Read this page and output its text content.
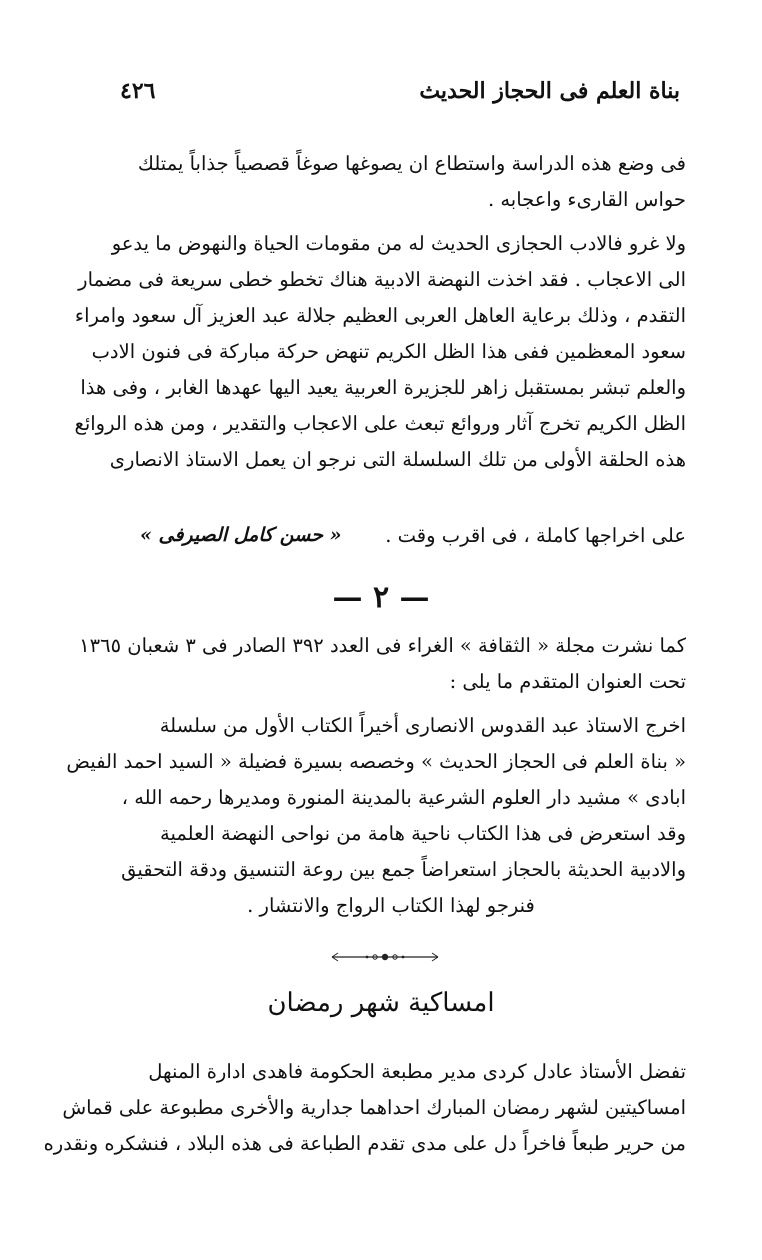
بناة العلم فى الحجاز الحديث
٤٢٦
فى وضع هذه الدراسة واستطاع ان يصوغها صوغاً قصصياً جذاباً يمتلك
حواس القارىء واعجابه .
ولا غرو فالادب الحجازى الحديث له من مقومات الحياة والنهوض ما يدعو
الى الاعجاب . فقد اخذت النهضة الادبية هناك تخطو خطى سريعة فى مضمار
التقدم ، وذلك برعاية العاهل العربى العظيم جلالة عبد العزيز آل سعود وامراء
سعود المعظمين ففى هذا الظل الكريم تنهض حركة مباركة فى فنون الادب
والعلم تبشر بمستقبل زاهر للجزيرة العربية يعيد اليها عهدها الغابر ، وفى هذا
الظل الكريم تخرج آثار وروائع تبعث على الاعجاب والتقدير ، ومن هذه الروائع
هذه الحلقة الأولى من تلك السلسلة التى نرجو ان يعمل الاستاذ الانصارى
على اخراجها كاملة ، فى اقرب وقت .
« حسن كامل الصيرفى »
— ٢ —
كما نشرت مجلة « الثقافة » الغراء فى العدد ٣٩٢ الصادر فى ٣ شعبان ١٣٦٥
تحت العنوان المتقدم ما يلى :
اخرج الاستاذ عبد القدوس الانصارى أخيراً الكتاب الأول من سلسلة
« بناة العلم فى الحجاز الحديث » وخصصه بسيرة فضيلة « السيد احمد الفيض
ابادى » مشيد دار العلوم الشرعية بالمدينة المنورة ومديرها رحمه الله ،
وقد استعرض فى هذا الكتاب ناحية هامة من نواحى النهضة العلمية
والادبية الحديثة بالحجاز استعراضاً جمع بين روعة التنسيق ودقة التحقيق
فنرجو لهذا الكتاب الرواج والانتشار .
امساكية شهر رمضان
تفضل الأستاذ عادل كردى مدير مطبعة الحكومة فاهدى ادارة المنهل
امساكيتين لشهر رمضان المبارك احداهما جدارية والأخرى مطبوعة على قماش
من حرير طبعاً فاخراً دل على مدى تقدم الطباعة فى هذه البلاد ، فنشكره ونقدره
